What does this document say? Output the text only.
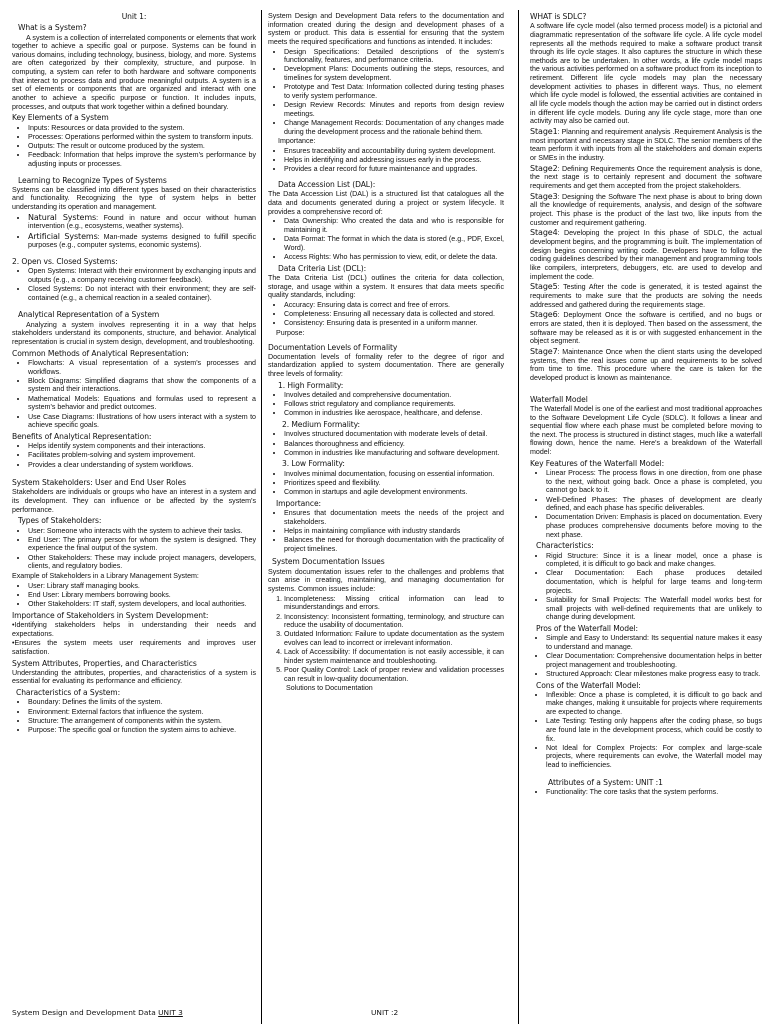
Unit 1:
What is a System?

A system is a collection of interrelated components or elements that work together to achieve a specific goal or purpose. Systems can be found in various domains, including technology, business, biology, and more. Systems are often categorized by their complexity, structure, and purpose. In computing, a system can refer to both hardware and software components that interact to process data and produce meaningful outputs. A system is a set of elements or components that are organized and interact with one another to achieve a specific purpose or function. It includes inputs, processes, and outputs that work together within a defined boundary.

Key Elements of a System
• Inputs: Resources or data provided to the system.
• Processes: Operations performed within the system to transform inputs.
• Outputs: The result or outcome produced by the system.
• Feedback: Information that helps improve the system's performance by adjusting inputs or processes.
Learning to Recognize Types of Systems

Systems can be classified into different types based on their characteristics and functionality. Recognizing the type of system helps in better understanding its operation and management.

• Natural Systems: Found in nature and occur without human intervention (e.g., ecosystems, weather systems).
• Artificial Systems: Man-made systems designed to fulfill specific purposes (e.g., computer systems, economic systems).
2. Open vs. Closed Systems:
• Open Systems: Interact with their environment by exchanging inputs and outputs (e.g., a company receiving customer feedback).
• Closed Systems: Do not interact with their environment; they are self-contained (e.g., a chemical reaction in a sealed container).
Analytical Representation of a System

Analyzing a system involves representing it in a way that helps stakeholders understand its components, structure, and behavior. Analytical representation is crucial in system design, development, and troubleshooting.

Common Methods of Analytical Representation:
• Flowcharts: A visual representation of a system's processes and workflows.
• Block Diagrams: Simplified diagrams that show the components of a system and their interactions.
• Mathematical Models: Equations and formulas used to represent a system's behavior and predict outcomes.
• Use Case Diagrams: Illustrations of how users interact with a system to achieve specific goals.
Benefits of Analytical Representation:
• Helps identify system components and their interactions.
• Facilitates problem-solving and system improvement.
• Provides a clear understanding of system workflows.
System Stakeholders: User and End User Roles

Stakeholders are individuals or groups who have an interest in a system and its development. They can influence or be affected by the system's performance.

Types of Stakeholders:
• User: Someone who interacts with the system to achieve their tasks.
• End User: The primary person for whom the system is designed. They experience the final output of the system.
• Other Stakeholders: These may include project managers, developers, clients, and regulatory bodies.

Example of Stakeholders in a Library Management System:

• User: Library staff managing books.
• End User: Library members borrowing books.
• Other Stakeholders: IT staff, system developers, and local authorities.
Importance of Stakeholders in System Development:

•Identifying stakeholders helps in understanding their needs and expectations.

•Ensures the system meets user requirements and improves user satisfaction.

System Attributes, Properties, and Characteristics

Understanding the attributes, properties, and characteristics of a system is essential for evaluating its performance and efficiency.

Characteristics of a System:
• Boundary: Defines the limits of the system.
• Environment: External factors that influence the system.
• Structure: The arrangement of components within the system.
• Purpose: The specific goal or function the system aims to achieve.

System Design and Development Data refers to the documentation and information created during the design and development phases of a system or product. This data is essential for ensuring that the system meets the required specifications and functions as intended. It includes:

• Design Specifications: Detailed descriptions of the system's functionality, features, and performance criteria.
• Development Plans: Documents outlining the steps, resources, and timelines for system development.
• Prototype and Test Data: Information collected during testing phases to verify system performance.
• Design Review Records: Minutes and reports from design review meetings.
• Change Management Records: Documentation of any changes made during the development process and the rationale behind them.

Importance:

• Ensures traceability and accountability during system development.
• Helps in identifying and addressing issues early in the process.
• Provides a clear record for future maintenance and upgrades.
Data Accession List (DAL):

The Data Accession List (DAL) is a structured list that catalogues all the data and documents generated during a project or system lifecycle. It provides a comprehensive record of:

• Data Ownership: Who created the data and who is responsible for maintaining it.
• Data Format: The format in which the data is stored (e.g., PDF, Excel, Word).
• Access Rights: Who has permission to view, edit, or delete the data.
Data Criteria List (DCL):

The Data Criteria List (DCL) outlines the criteria for data collection, storage, and usage within a system. It ensures that data meets specific quality standards, including:

• Accuracy: Ensuring data is correct and free of errors.
• Completeness: Ensuring all necessary data is collected and stored.
• Consistency: Ensuring data is presented in a uniform manner.

Purpose:

Documentation Levels of Formality

Documentation levels of formality refer to the degree of rigor and standardization applied to system documentation. There are generally three levels of formality:

1. High Formality:
• Involves detailed and comprehensive documentation.
• Follows strict regulatory and compliance requirements.
• Common in industries like aerospace, healthcare, and defense.
2. Medium Formality:
• Involves structured documentation with moderate levels of detail.
• Balances thoroughness and efficiency.
• Common in industries like manufacturing and software development.
3. Low Formality:
• Involves minimal documentation, focusing on essential information.
• Prioritizes speed and flexibility.
• Common in startups and agile development environments.
Importance:
• Ensures that documentation meets the needs of the project and stakeholders.
• Helps in maintaining compliance with industry standards
• Balances the need for thorough documentation with the practicality of project timelines.
System Documentation Issues

System documentation issues refer to the challenges and problems that can arise in creating, maintaining, and managing documentation for systems. Common issues include:

1. Incompleteness: Missing critical information can lead to misunderstandings and errors.
2. Inconsistency: Inconsistent formatting, terminology, and structure can reduce the usability of documentation.
3. Outdated Information: Failure to update documentation as the system evolves can lead to incorrect or irrelevant information.
4. Lack of Accessibility: If documentation is not easily accessible, it can hinder system maintenance and troubleshooting.
5. Poor Quality Control: Lack of proper review and validation processes can result in low-quality documentation.

Solutions to Documentation

WHAT is SDLC?

A software life cycle model (also termed process model) is a pictorial and diagrammatic representation of the software life cycle. A life cycle model represents all the methods required to make a software product transit through its life cycle stages. It also captures the structure in which these methods are to be undertaken. In other words, a life cycle model maps the various activities performed on a software product from its inception to retirement. Different life cycle models may plan the necessary development activities to phases in different ways. Thus, no element which life cycle model is followed, the essential activities are contained in all life cycle models though the action may be carried out in distinct orders in different life cycle models. During any life cycle stage, more than one activity may also be carried out.

Stage1: Planning and requirement analysis .Requirement Analysis is the most important and necessary stage in SDLC. The senior members of the team perform it with inputs from all the stakeholders and domain experts or SMEs in the industry.

Stage2: Defining Requirements Once the requirement analysis is done, the next stage is to certainly represent and document the software requirements and get them accepted from the project stakeholders.

Stage3: Designing the Software The next phase is about to bring down all the knowledge of requirements, analysis, and design of the software project. This phase is the product of the last two, like inputs from the customer and requirement gathering.

Stage4: Developing the project In this phase of SDLC, the actual development begins, and the programming is built. The implementation of design begins concerning writing code. Developers have to follow the coding guidelines described by their management and programming tools like compilers, interpreters, debuggers, etc. are used to develop and implement the code.

Stage5: Testing After the code is generated, it is tested against the requirements to make sure that the products are solving the needs addressed and gathered during the requirements stage.

Stage6: Deployment Once the software is certified, and no bugs or errors are stated, then it is deployed. Then based on the assessment, the software may be released as it is or with suggested enhancement in the object segment.

Stage7: Maintenance Once when the client starts using the developed systems, then the real issues come up and requirements to be solved from time to time. This procedure where the care is taken for the developed product is known as maintenance.

Waterfall Model

The Waterfall Model is one of the earliest and most traditional approaches to the Software Development Life Cycle (SDLC). It follows a linear and sequential flow where each phase must be completed before moving to the next. The process is structured in distinct stages, much like a waterfall flowing down, hence the name. Here's a breakdown of the Waterfall model:

Key Features of the Waterfall Model:
• Linear Process: The process flows in one direction, from one phase to the next, without going back. Once a phase is completed, you cannot go back to it.
• Well-Defined Phases: The phases of development are clearly defined, and each phase has specific deliverables.
• Documentation Driven: Emphasis is placed on documentation. Every phase produces comprehensive documents before moving to the next phase.
Characteristics:
• Rigid Structure: Since it is a linear model, once a phase is completed, it is difficult to go back and make changes.
• Clear Documentation: Each phase produces detailed documentation, which is helpful for large teams and long-term projects.
• Suitability for Small Projects: The Waterfall model works best for small projects with well-defined requirements that are unlikely to change during development.
Pros of the Waterfall Model:
• Simple and Easy to Understand: Its sequential nature makes it easy to understand and manage.
• Clear Documentation: Comprehensive documentation helps in better project management and troubleshooting.
• Structured Approach: Clear milestones make progress easy to track.
Cons of the Waterfall Model:
• Inflexible: Once a phase is completed, it is difficult to go back and make changes, making it unsuitable for projects where requirements are expected to change.
• Late Testing: Testing only happens after the coding phase, so bugs are found late in the development process, which could be costly to fix.
• Not Ideal for Complex Projects: For complex and large-scale projects, where requirements can evolve, the Waterfall model may lead to inefficiencies.
Attributes of a System: UNIT :1
• Functionality: The core tasks that the system performs.
System Design and Development Data UNIT 3	UNIT :2
